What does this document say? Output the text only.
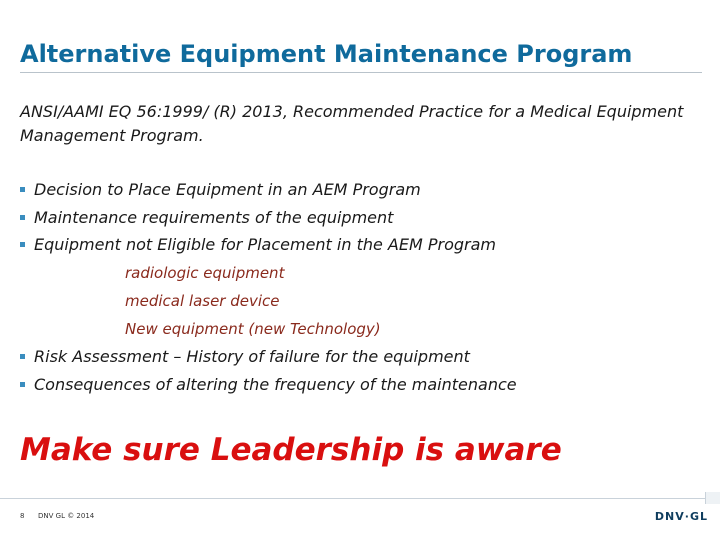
Alternative Equipment Maintenance Program
ANSI/AAMI EQ 56:1999/ (R) 2013, Recommended Practice for a Medical Equipment Management Program.
Decision to Place Equipment in an AEM Program
Maintenance requirements of the equipment
Equipment not Eligible for Placement in the AEM Program
radiologic equipment
medical laser device
New equipment (new Technology)
Risk Assessment – History of failure for the equipment
Consequences of altering the frequency of the maintenance
Make sure Leadership is aware
8 DNV GL © 2014	DNV·GL
